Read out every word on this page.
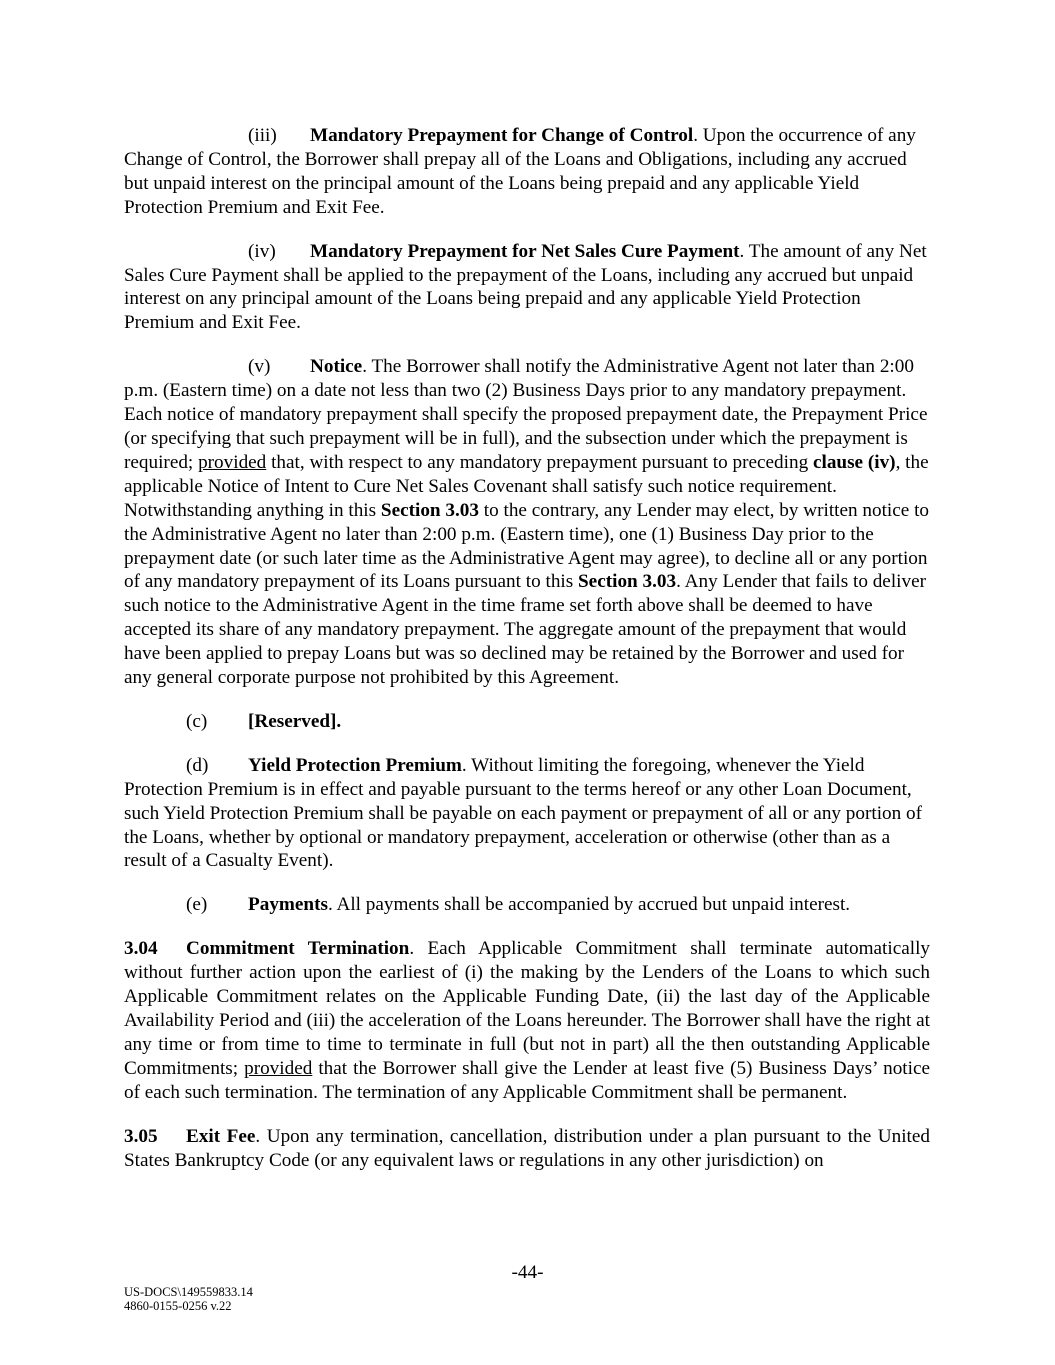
(iii) Mandatory Prepayment for Change of Control. Upon the occurrence of any Change of Control, the Borrower shall prepay all of the Loans and Obligations, including any accrued but unpaid interest on the principal amount of the Loans being prepaid and any applicable Yield Protection Premium and Exit Fee.

(iv) Mandatory Prepayment for Net Sales Cure Payment. The amount of any Net Sales Cure Payment shall be applied to the prepayment of the Loans, including any accrued but unpaid interest on any principal amount of the Loans being prepaid and any applicable Yield Protection Premium and Exit Fee.

(v) Notice. The Borrower shall notify the Administrative Agent not later than 2:00 p.m. (Eastern time) on a date not less than two (2) Business Days prior to any mandatory prepayment. Each notice of mandatory prepayment shall specify the proposed prepayment date, the Prepayment Price (or specifying that such prepayment will be in full), and the subsection under which the prepayment is required; provided that, with respect to any mandatory prepayment pursuant to preceding clause (iv), the applicable Notice of Intent to Cure Net Sales Covenant shall satisfy such notice requirement. Notwithstanding anything in this Section 3.03 to the contrary, any Lender may elect, by written notice to the Administrative Agent no later than 2:00 p.m. (Eastern time), one (1) Business Day prior to the prepayment date (or such later time as the Administrative Agent may agree), to decline all or any portion of any mandatory prepayment of its Loans pursuant to this Section 3.03. Any Lender that fails to deliver such notice to the Administrative Agent in the time frame set forth above shall be deemed to have accepted its share of any mandatory prepayment. The aggregate amount of the prepayment that would have been applied to prepay Loans but was so declined may be retained by the Borrower and used for any general corporate purpose not prohibited by this Agreement.

(c) [Reserved].

(d) Yield Protection Premium. Without limiting the foregoing, whenever the Yield Protection Premium is in effect and payable pursuant to the terms hereof or any other Loan Document, such Yield Protection Premium shall be payable on each payment or prepayment of all or any portion of the Loans, whether by optional or mandatory prepayment, acceleration or otherwise (other than as a result of a Casualty Event).

(e) Payments. All payments shall be accompanied by accrued but unpaid interest.

3.04 Commitment Termination. Each Applicable Commitment shall terminate automatically without further action upon the earliest of (i) the making by the Lenders of the Loans to which such Applicable Commitment relates on the Applicable Funding Date, (ii) the last day of the Applicable Availability Period and (iii) the acceleration of the Loans hereunder. The Borrower shall have the right at any time or from time to time to terminate in full (but not in part) all the then outstanding Applicable Commitments; provided that the Borrower shall give the Lender at least five (5) Business Days’ notice of each such termination. The termination of any Applicable Commitment shall be permanent.

3.05 Exit Fee. Upon any termination, cancellation, distribution under a plan pursuant to the United States Bankruptcy Code (or any equivalent laws or regulations in any other jurisdiction) on

-44-
US-DOCS\149559833.14
4860-0155-0256 v.22
